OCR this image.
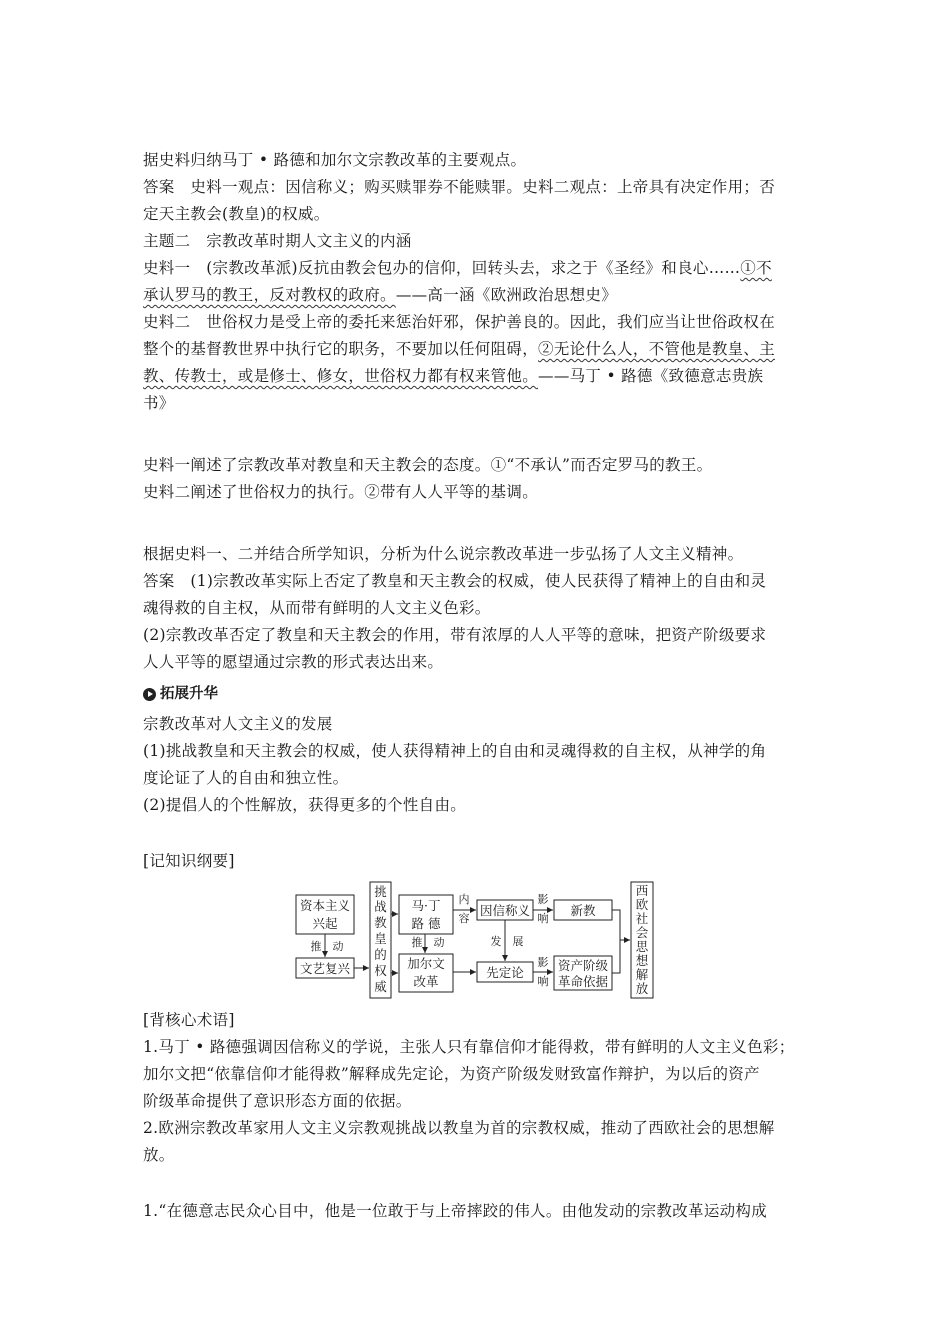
据史料归纳马丁 • 路德和加尔文宗教改革的主要观点。
答案　史料一观点：因信称义；购买赎罪券不能赎罪。史料二观点：上帝具有决定作用；否
定天主教会(教皇)的权威。
主题二　宗教改革时期人文主义的内涵
史料一　(宗教改革派)反抗由教会包办的信仰，回转头去，求之于《圣经》和良心……①不
承认罗马的教王，反对教权的政府。——高一涵《欧洲政治思想史》
史料二　世俗权力是受上帝的委托来惩治奸邪，保护善良的。因此，我们应当让世俗政权在
整个的基督教世界中执行它的职务，不要加以任何阻碍，②无论什么人，不管他是教皇、主
教、传教士，或是修士、修女，世俗权力都有权来管他。——马丁 • 路德《致德意志贵族
书》
史料一阐述了宗教改革对教皇和天主教会的态度。①“不承认”而否定罗马的教王。
史料二阐述了世俗权力的执行。②带有人人平等的基调。
根据史料一、二并结合所学知识，分析为什么说宗教改革进一步弘扬了人文主义精神。
答案　(1)宗教改革实际上否定了教皇和天主教会的权威，使人民获得了精神上的自由和灵
魂得救的自主权，从而带有鲜明的人文主义色彩。
(2)宗教改革否定了教皇和天主教会的作用，带有浓厚的人人平等的意味，把资产阶级要求
人人平等的愿望通过宗教的形式表达出来。
拓展升华
宗教改革对人文主义的发展
(1)挑战教皇和天主教会的权威，使人获得精神上的自由和灵魂得救的自主权，从神学的角
度论证了人的自由和独立性。
(2)提倡人的个性解放，获得更多的个性自由。
[记知识纲要]
资本主义
兴起
推　动
文艺复兴
挑
战
教
皇
的
权
威
马·丁
路 德
推　动
加尔文
改革
内
容
因信称义
发　展
先定论
影
响
影
响
新教
资产阶级
革命依据
西
欧
社
会
思
想
解
放
[背核心术语]
1.马丁 • 路德强调因信称义的学说，主张人只有靠信仰才能得救，带有鲜明的人文主义色彩；
加尔文把“依靠信仰才能得救”解释成先定论，为资产阶级发财致富作辩护，为以后的资产
阶级革命提供了意识形态方面的依据。
2.欧洲宗教改革家用人文主义宗教观挑战以教皇为首的宗教权威，推动了西欧社会的思想解
放。
1.“在德意志民众心目中，他是一位敢于与上帝摔跤的伟人。由他发动的宗教改革运动构成
